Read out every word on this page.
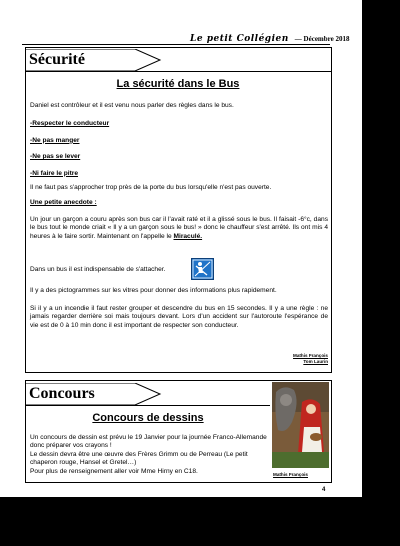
Le petit Collégien — Décembre 2018
Sécurité
La sécurité dans le Bus

Daniel est contrôleur et il est venu nous parler des règles dans le bus.

-Respecter le conducteur

-Ne pas manger

-Ne pas se lever

-Ni faire le pitre

Il ne faut pas s'approcher trop près de la porte du bus lorsqu'elle n'est pas ouverte.

Une petite anecdote :

Un jour un garçon a couru après son bus car il l'avait raté et il a glissé sous le bus. Il faisait -6°c, dans le bus tout le monde criait « Il y a un garçon sous le bus! » donc le chauffeur s'est arrêté. Ils ont mis 4 heures à le faire sortir. Maintenant on l'appelle le Miraculé.

Dans un bus il est indispensable de s'attacher.
Il y a des pictogrammes sur les vitres pour donner des informations plus rapidement.
Si il y a un incendie il faut rester grouper et descendre du bus en 15 secondes. Il y a une règle : ne jamais regarder derrière soi mais toujours devant. Lors d'un accident sur l'autoroute l'espérance de vie est de 0 à 10 min donc il est important de respecter son conducteur.
Mathis François
Tom Laurin
Concours
Concours de dessins

Un concours de dessin est prévu le 19 Janvier pour la journée Franco-Allemande donc préparer vos crayons !

Le dessin devra être une œuvre des Frères Grimm ou de Perreau (Le petit chaperon rouge, Hansel et Gretel…)

Pour plus de renseignement aller voir Mme Hirny en C18.	Mathis François
4
